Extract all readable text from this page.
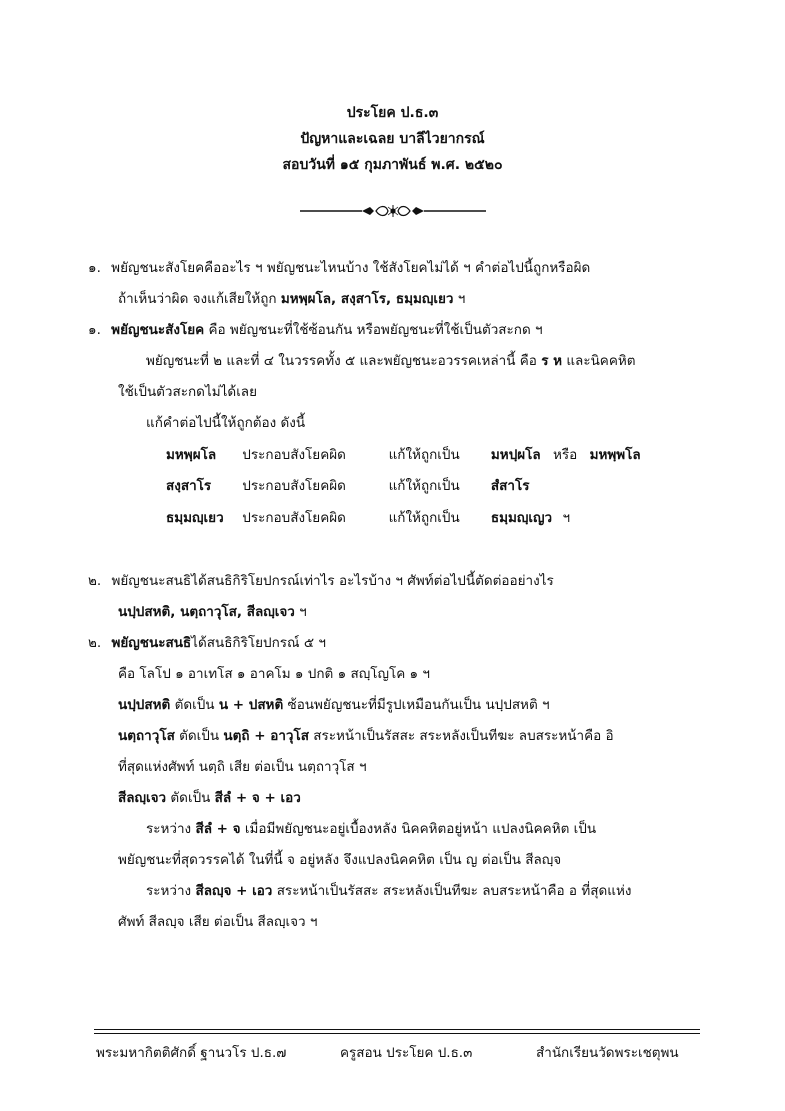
ประโยค ป.ธ.๓
ปัญหาและเฉลย บาลีไวยากรณ์
สอบวันที่ ๑๕ กุมภาพันธ์ พ.ศ. ๒๕๒๐
๑. พยัญชนะสังโยคคืออะไร ฯ พยัญชนะไหนบ้าง ใช้สังโยคไม่ได้ ฯ คำต่อไปนี้ถูกหรือผิด
ถ้าเห็นว่าผิด จงแก้เสียให้ถูก มหพฺผโล, สงฺสาโร, ธมฺมญฺเยว ฯ
๑. พยัญชนะสังโยค คือ พยัญชนะที่ใช้ซ้อนกัน หรือพยัญชนะที่ใช้เป็นตัวสะกด ฯ
พยัญชนะที่ ๒ และที่ ๔ ในวรรคทั้ง ๕ และพยัญชนะอวรรคเหล่านี้ คือ ร ห และนิคคหิต
ใช้เป็นตัวสะกดไม่ได้เลย
แก้คำต่อไปนี้ให้ถูกต้อง ดังนี้
มหพฺผโล ประกอบสังโยคผิด	แก้ให้ถูกเป็น มหปฺผโล หรือ มหพฺพโล
สงฺสาโร ประกอบสังโยคผิด	แก้ให้ถูกเป็น สํสาโร
ธมฺมญฺเยว ประกอบสังโยคผิด	แก้ให้ถูกเป็น ธมฺมญฺเญว ฯ
๒. พยัญชนะสนธิได้สนธิกิริโยปกรณ์เท่าไร อะไรบ้าง ฯ ศัพท์ต่อไปนี้ตัดต่ออย่างไร
นปฺปสหติ, นตฺถาวุโส, สีลญฺเจว ฯ
๒. พยัญชนะสนธิได้สนธิกิริโยปกรณ์ ๕ ฯ
คือ โลโป ๑ อาเทโส ๑ อาคโม ๑ ปกติ ๑ สญฺโญโค ๑ ฯ
นปฺปสหติ ตัดเป็น น + ปสหติ ซ้อนพยัญชนะที่มีรูปเหมือนกันเป็น นปฺปสหติ ฯ
นตฺถาวุโส ตัดเป็น นตฺถิ + อาวุโส สระหน้าเป็นรัสสะ สระหลังเป็นทีฆะ ลบสระหน้าคือ อิ
ที่สุดแห่งศัพท์ นตฺถิ เสีย ต่อเป็น นตฺถาวุโส ฯ
สีลญฺเจว ตัดเป็น สีลํ + จ + เอว
ระหว่าง สีลํ + จ เมื่อมีพยัญชนะอยู่เบื้องหลัง นิคคหิตอยู่หน้า แปลงนิคคหิต เป็น
พยัญชนะที่สุดวรรคได้ ในที่นี้ จ อยู่หลัง จึงแปลงนิคคหิต เป็น ญ ต่อเป็น สีลญฺจ
ระหว่าง สีลญฺจ + เอว สระหน้าเป็นรัสสะ สระหลังเป็นทีฆะ ลบสระหน้าคือ อ ที่สุดแห่ง
ศัพท์ สีลญฺจ เสีย ต่อเป็น สีลญฺเจว ฯ
พระมหากิตติศักดิ์ ฐานวโร ป.ธ.๗	ครูสอน ประโยค ป.ธ.๓	สำนักเรียนวัดพระเชตุพน
